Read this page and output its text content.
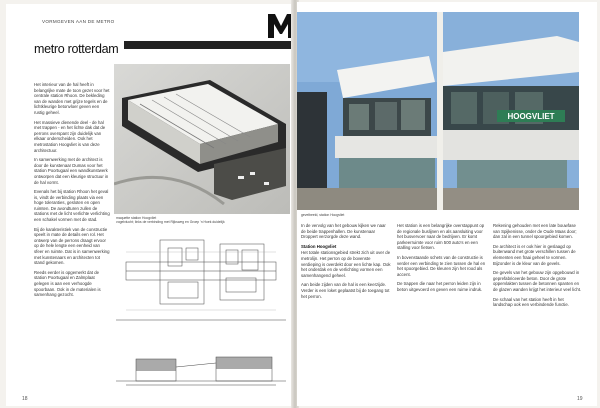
VORMGEVEN AAN DE METRO
metro rotterdam

Het interieur van de hal heeft in belangrijke mate de toon gezet voor het centrale station Rhoon. De bekleding van de wanden met grijze tegels en de lichtkleurige betonvloer geven een rustig geheel.

Het massieve dienende deel - de hal met trappen - en het lichte dak dat de perrons overspant zijn duidelijk van elkaar onderscheiden. Ook het metrostation Hoogvliet is van deze architectuur.

In samenwerking met de architect is door de kunstenaar Dumas voor het station Poortugaal een wandkunstwerk ontworpen dat een kleurige structuur in de hal vormt.

Evenals het bij station Rhoon het geval is, vindt de verbinding plaats via een hoge toleranties, gesloten en open ruimten. De avondturen zullen de stations met de licht verlichte verlichting een schakel vormen met de stad.

Bij de karakteristiek van de constructie speelt in mate de details een rol. Het ontwerp van de perrons draagt ervoor op de hele lengte een eenheid van sfeer en ruimte. Dat is in samenwerking met kunstenaars en architecten tot stand gekomen.

Reeds eerder is opgemerkt dat de station Poortugaal en Zalmplaat gelegen is aan een verhoogde spoorbaan. Ook in de materialen is samenhang gezocht.

maquette station Hoogvliet
vogelvlucht; links de verbinding met Rijksweg en Groep 'n Hoek duidelijk
18
HOOGVLIET
gevelbeeld, station Hoogvliet

In de vervolg van het gebouw kijken we naar de beide trappenhallen. De kunstenaar Droppert verzorgde deze wand.

Station Hoogvliet

Het totale stationsgebied strekt zich uit over de metrolijn. Het perron op de bovenste verdieping is overdekt door een lichte kap. Ook het onderdak en de verlichting vormen een samenhangend geheel.

Aan beide zijden van de hal is een keerzijde. Verder is een loket geplaatst bij de toegang tot het perron.

Het station is een belangrijke overstappunt op de regionale buslijnen en als aansluiting voor het busvervoer naar de bedrijven. Er komt parkeerruimte voor ruim 500 auto's en een stalling voor fietsen.

In bovenstaande schets van de constructie is verder een verbinding te zien tussen de hal en het spoorgebied. De kleuren zijn het rood als accent.

De trappen die naar het perron leiden zijn in beton uitgevoerd en geven een ruime indruk.

Rekening gehouden met een late bouwfase van Spijkenisse, onder de Oude Maas door; dan zal in een tunnel spoorgebied komen.

De architect is er ook hier in geslaagd op buitenwand met grote verschillen tussen de elementen een fraai geheel te vormen. Bijzonder is de kleur van de gevels.

De gevels van het gebouw zijn opgebouwd in geprefabriceerde beton. Door de grote oppervlakten tussen de betonnen spanten en de glazen wanden krijgt het interieur veel licht.

De schaal van het station heeft in het landschap ook een verbindende functie.

19
